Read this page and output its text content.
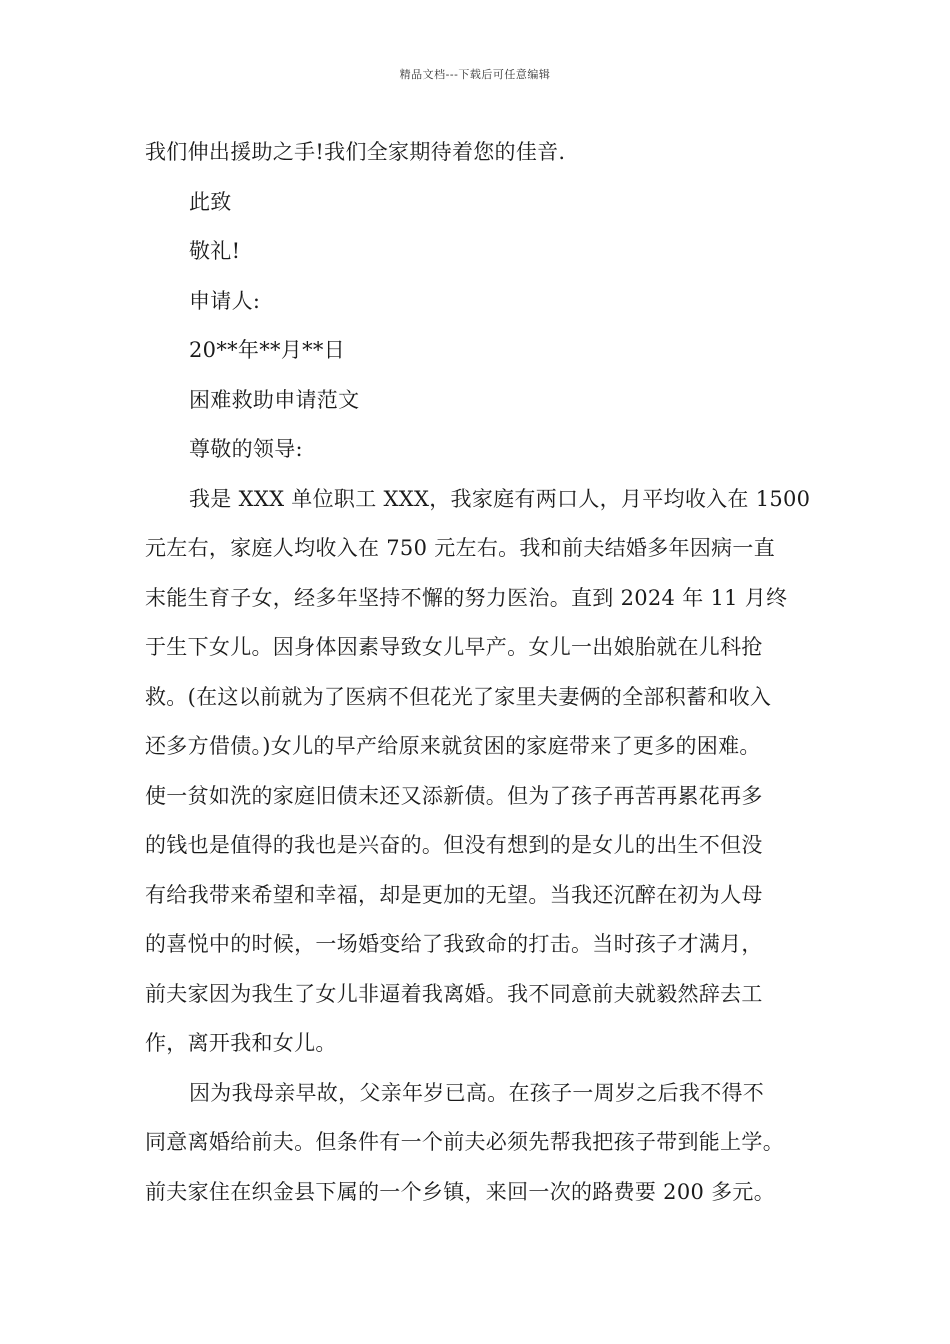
精品文档---下载后可任意编辑
我们伸出援助之手!我们全家期待着您的佳音.
此致
敬礼!
申请人:
20**年**月**日
困难救助申请范文
尊敬的领导:
我是 XXX 单位职工 XXX，我家庭有两口人，月平均收入在 1500
元左右，家庭人均收入在 750 元左右。我和前夫结婚多年因病一直
末能生育子女，经多年坚持不懈的努力医治。直到 2024 年 11 月终
于生下女儿。因身体因素导致女儿早产。女儿一出娘胎就在儿科抢
救。(在这以前就为了医病不但花光了家里夫妻俩的全部积蓄和收入
还多方借债。)女儿的早产给原来就贫困的家庭带来了更多的困难。
使一贫如洗的家庭旧债末还又添新债。但为了孩子再苦再累花再多
的钱也是值得的我也是兴奋的。但没有想到的是女儿的出生不但没
有给我带来希望和幸福，却是更加的无望。当我还沉醉在初为人母
的喜悦中的时候，一场婚变给了我致命的打击。当时孩子才满月，
前夫家因为我生了女儿非逼着我离婚。我不同意前夫就毅然辞去工
作，离开我和女儿。
因为我母亲早故，父亲年岁已高。在孩子一周岁之后我不得不
同意离婚给前夫。但条件有一个前夫必须先帮我把孩子带到能上学。
前夫家住在织金县下属的一个乡镇，来回一次的路费要 200 多元。
